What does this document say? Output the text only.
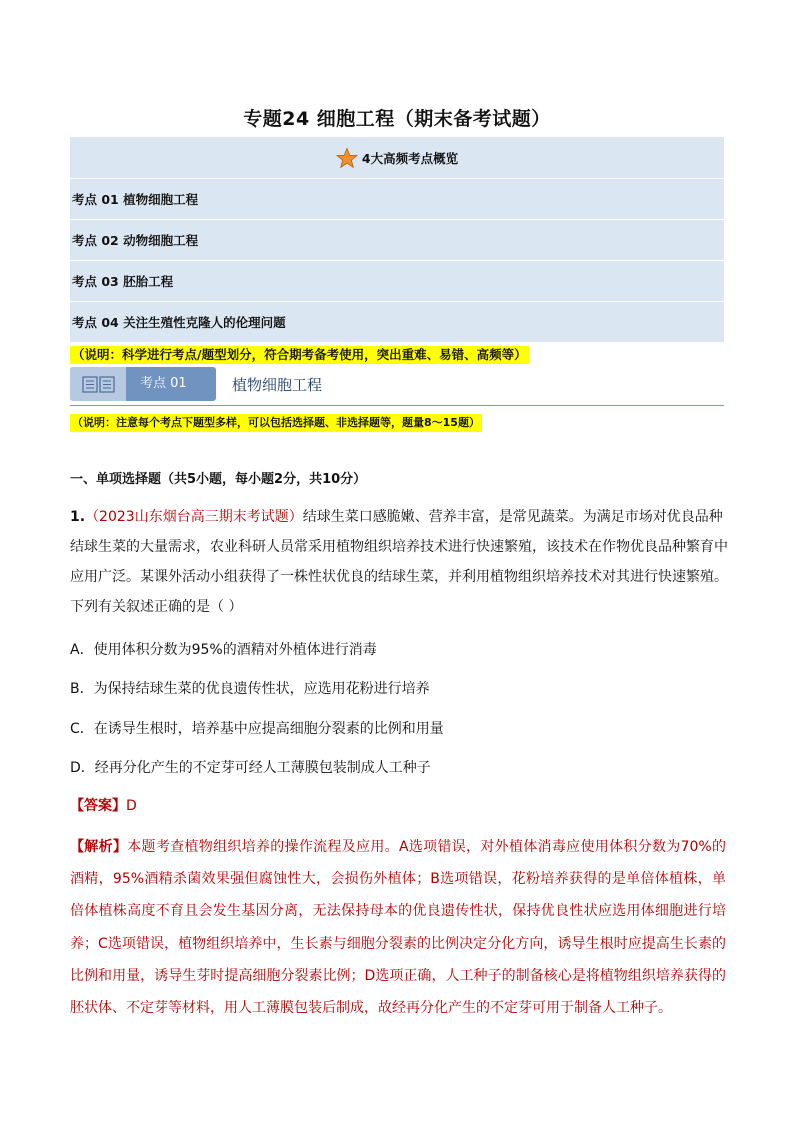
专题24 细胞工程（期末备考试题）
4大高频考点概览
考点 01 植物细胞工程
考点 02 动物细胞工程
考点 03 胚胎工程
考点 04 关注生殖性克隆人的伦理问题
（说明：科学进行考点/题型划分，符合期考备考使用，突出重难、易错、高频等）
考点 01	植物细胞工程
（说明：注意每个考点下题型多样，可以包括选择题、非选择题等，题量8～15题）
一、单项选择题（共5小题，每小题2分，共10分）
1.（2023山东烟台高三期末考试题）结球生菜口感脆嫩、营养丰富，是常见蔬菜。为满足市场对优良品种结球生菜的大量需求，农业科研人员常采用植物组织培养技术进行快速繁殖，该技术在作物优良品种繁育中应用广泛。某课外活动小组获得了一株性状优良的结球生菜，并利用植物组织培养技术对其进行快速繁殖。下列有关叙述正确的是（ ）
A．使用体积分数为95%的酒精对外植体进行消毒
B．为保持结球生菜的优良遗传性状，应选用花粉进行培养
C．在诱导生根时，培养基中应提高细胞分裂素的比例和用量
D．经再分化产生的不定芽可经人工薄膜包装制成人工种子
【答案】D
【解析】本题考查植物组织培养的操作流程及应用。A选项错误，对外植体消毒应使用体积分数为70%的酒精，95%酒精杀菌效果强但腐蚀性大，会损伤外植体；B选项错误，花粉培养获得的是单倍体植株，单倍体植株高度不育且会发生基因分离，无法保持母本的优良遗传性状，保持优良性状应选用体细胞进行培养；C选项错误，植物组织培养中，生长素与细胞分裂素的比例决定分化方向，诱导生根时应提高生长素的比例和用量，诱导生芽时提高细胞分裂素比例；D选项正确，人工种子的制备核心是将植物组织培养获得的胚状体、不定芽等材料，用人工薄膜包装后制成，故经再分化产生的不定芽可用于制备人工种子。
